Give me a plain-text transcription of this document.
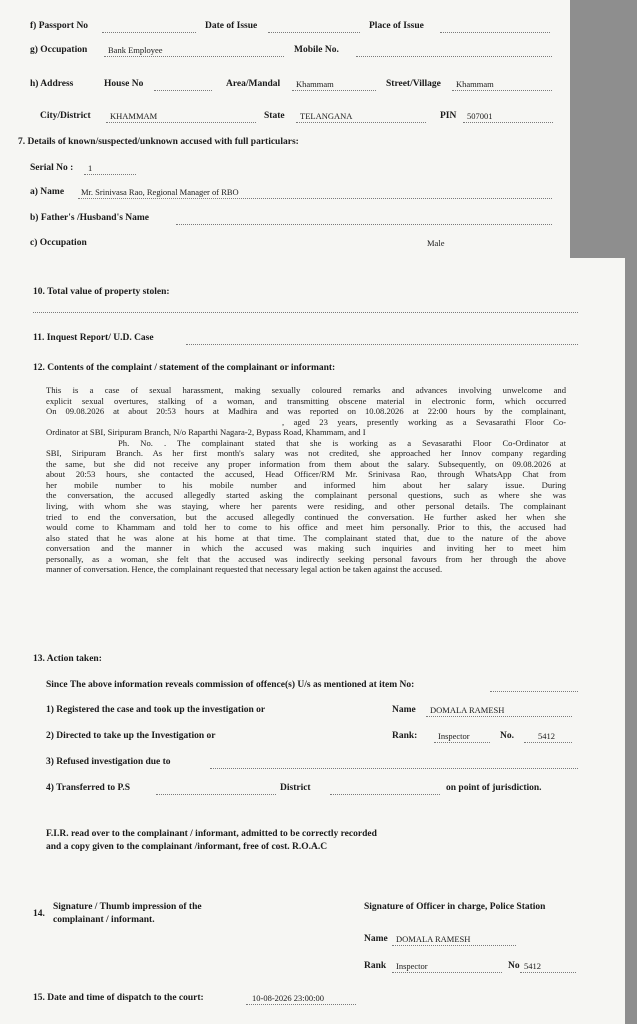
f) Passport No	Date of Issue	Place of Issue
g) Occupation Bank Employee	Mobile No.
h) Address	House No	Area/Mandal Khammam	Street/Village Khammam
City/District KHAMMAM	State TELANGANA	PIN 507001
7. Details of known/suspected/unknown accused with full particulars:
Serial No : 1
a) Name Mr. Srinivasa Rao, Regional Manager of RBO
b) Father's /Husband's Name
c) Occupation	Male
10. Total value of property stolen:
11. Inquest Report/ U.D. Case
12. Contents of the complaint / statement of the complainant or informant:
This is a case of sexual harassment, making sexually coloured remarks and advances involving unwelcome and
explicit sexual overtures, stalking of a woman, and transmitting obscene material in electronic form, which occurred
On 09.08.2026 at about 20:53 hours at Madhira and was reported on 10.08.2026 at 22:00 hours by the complainant,
, aged 23 years, presently working as a Sevasarathi Floor Co-
Ordinator at SBI, Siripuram Branch, N/o Raparthi Nagara-2, Bypass Road, Khammam, and I
Ph. No. . The complainant stated that she is working as a Sevasarathi Floor Co-Ordinator at
SBI, Siripuram Branch. As her first month's salary was not credited, she approached her Innov company regarding
the same, but she did not receive any proper information from them about the salary. Subsequently, on 09.08.2026 at
about 20:53 hours, she contacted the accused, Head Officer/RM Mr. Srinivasa Rao, through WhatsApp Chat from
her mobile number to his mobile number and informed him about her salary issue. During
the conversation, the accused allegedly started asking the complainant personal questions, such as where she was
living, with whom she was staying, where her parents were residing, and other personal details. The complainant
tried to end the conversation, but the accused allegedly continued the conversation. He further asked her when she
would come to Khammam and told her to come to his office and meet him personally. Prior to this, the accused had
also stated that he was alone at his home at that time. The complainant stated that, due to the nature of the above
conversation and the manner in which the accused was making such inquiries and inviting her to meet him
personally, as a woman, she felt that the accused was indirectly seeking personal favours from her through the above
manner of conversation. Hence, the complainant requested that necessary legal action be taken against the accused.
13. Action taken:
Since The above information reveals commission of offence(s) U/s as mentioned at item No:
1) Registered the case and took up the investigation or	Name DOMALA RAMESH
2) Directed to take up the Investigation or	Rank: Inspector	No.	5412
3) Refused investigation due to
4) Transferred to P.S	District	on point of jurisdiction.
F.I.R. read over to the complainant / informant, admitted to be correctly recorded
and a copy given to the complainant /informant, free of cost. R.O.A.C
14.
Signature / Thumb impression of the
complainant / informant.
Signature of Officer in charge, Police Station
Name DOMALA RAMESH
Rank Inspector	No 5412
15. Date and time of dispatch to the court:	10-08-2026 23:00:00
